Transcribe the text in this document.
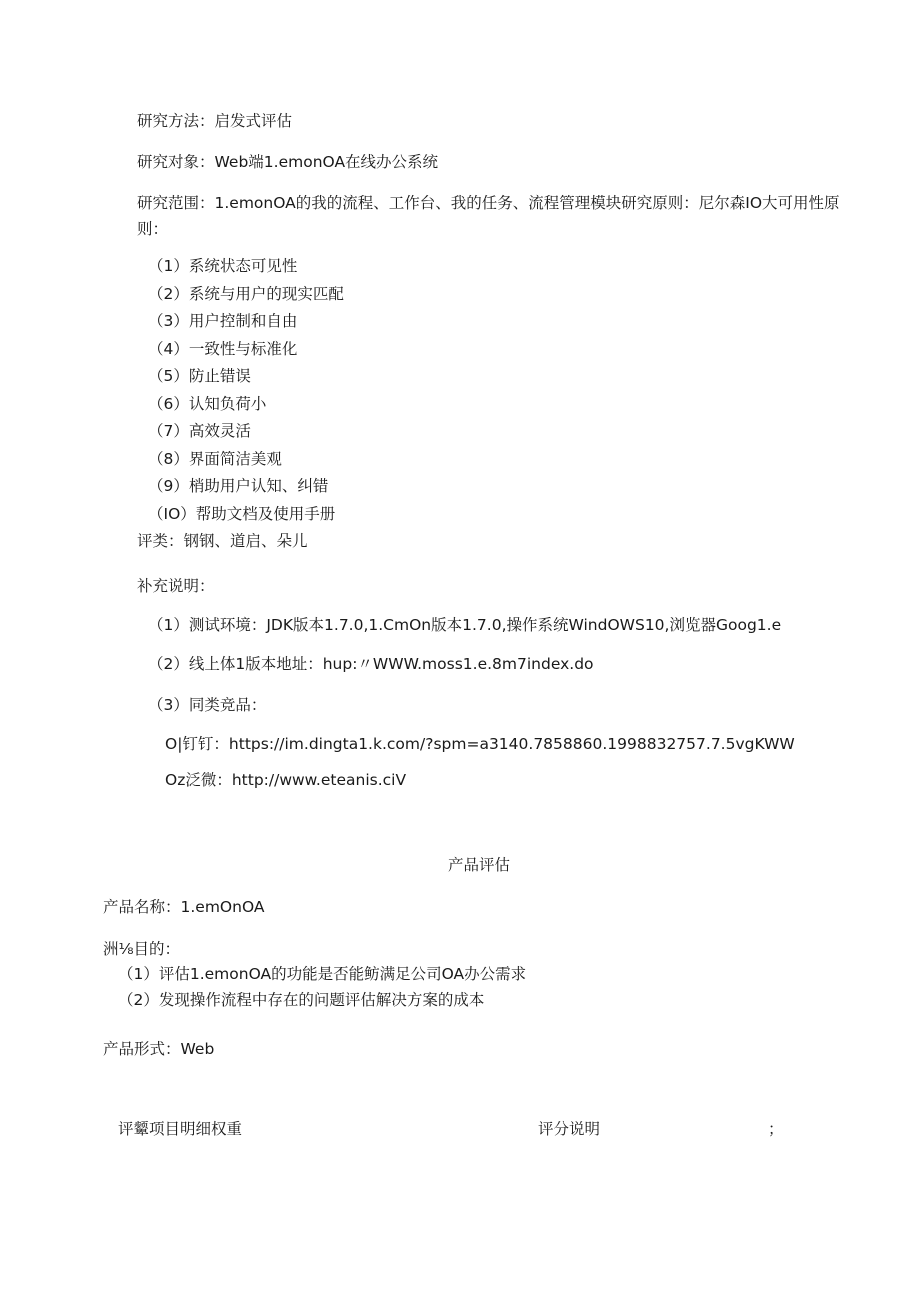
研究方法：启发式评估
研究对象：Web端1.emonOA在线办公系统
研究范围：1.emonOA的我的流程、工作台、我的任务、流程管理模块研究原则：尼尔森IO大可用性原则：
（1）系统状态可见性
（2）系统与用户的现实匹配
（3）用户控制和自由
（4）一致性与标准化
（5）防止错误
（6）认知负荷小
（7）高效灵活
（8）界面简洁美观
（9）梢助用户认知、纠错
（IO）帮助文档及使用手册
评类：钢钢、道启、朵儿
补充说明：
（1）测试环境：JDK版本1.7.0,1.CmOn版本1.7.0,操作系统WindOWS10,浏览器Goog1.e
（2）线上体1版本地址：hup:〃WWW.moss1.e.8m7index.do
（3）同类竞品：
O|钉钉：https://im.dingta1.k.com/?spm=a3140.7858860.1998832757.7.5vgKWW
Oz泛微：http://www.eteanis.ciV
产品评估
产品名称：1.emOnOA
洲⅛目的：
（1）评估1.emonOA的功能是否能鲂满足公司OA办公需求
（2）发现操作流程中存在的问题评估解决方案的成本
产品形式：Web
评颦项目明细权重	评分说明	；
